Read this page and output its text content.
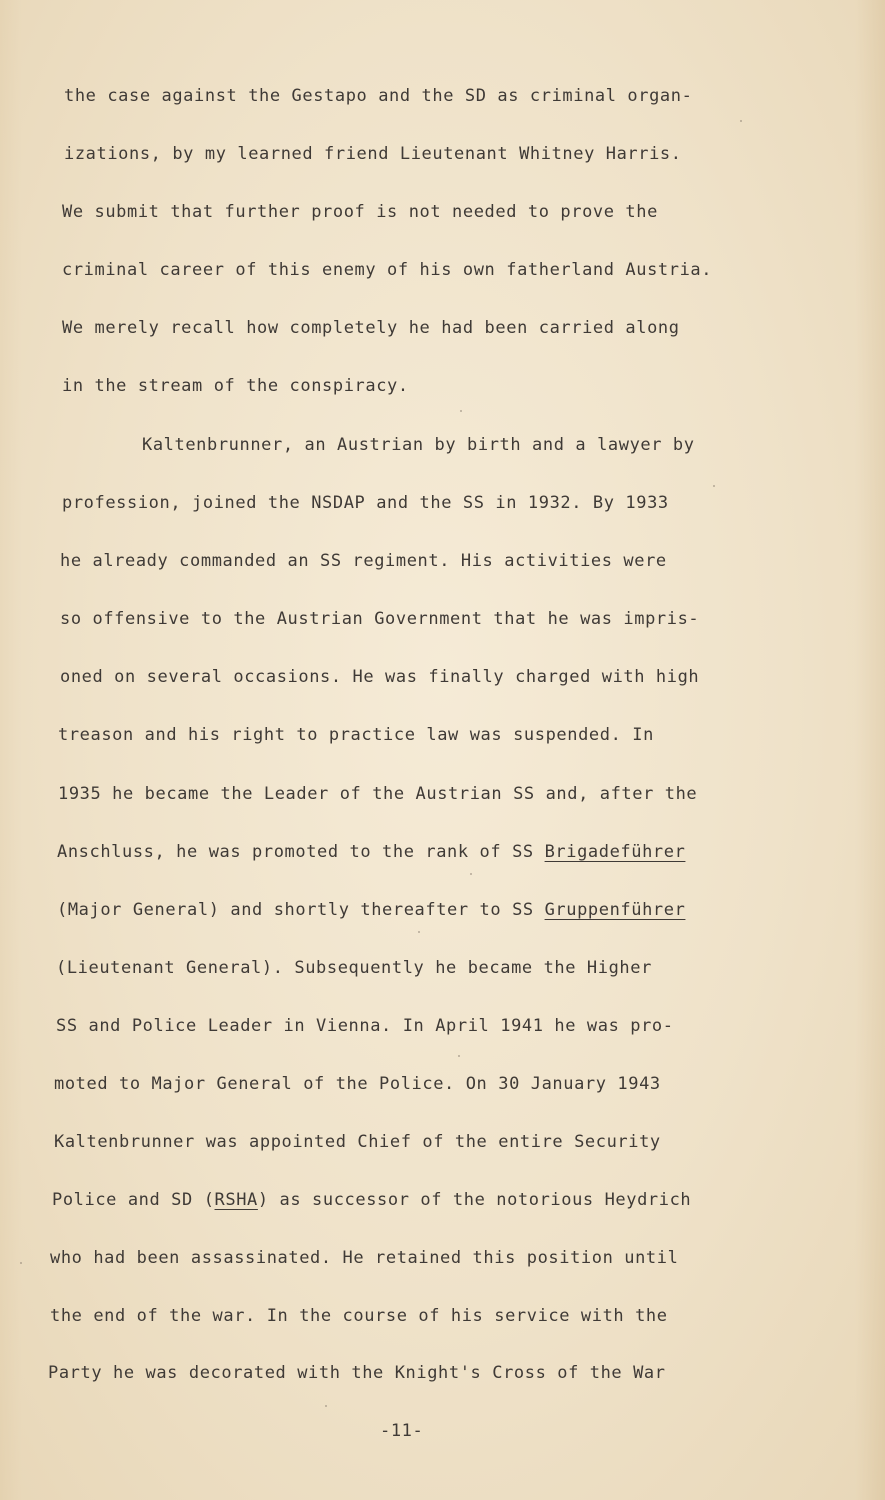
the case against the Gestapo and the SD as criminal organ-
izations, by my learned friend Lieutenant Whitney Harris.
We submit that further proof is not needed to prove the
criminal career of this enemy of his own fatherland Austria.
We merely recall how completely he had been carried along
in the stream of the conspiracy.
Kaltenbrunner, an Austrian by birth and a lawyer by
profession, joined the NSDAP and the SS in 1932. By 1933
he already commanded an SS regiment. His activities were
so offensive to the Austrian Government that he was impris-
oned on several occasions. He was finally charged with high
treason and his right to practice law was suspended. In
1935 he became the Leader of the Austrian SS and, after the
Anschluss, he was promoted to the rank of SS Brigadeführer
(Major General) and shortly thereafter to SS Gruppenführer
(Lieutenant General). Subsequently he became the Higher
SS and Police Leader in Vienna. In April 1941 he was pro-
moted to Major General of the Police. On 30 January 1943
Kaltenbrunner was appointed Chief of the entire Security
Police and SD (RSHA) as successor of the notorious Heydrich
who had been assassinated. He retained this position until
the end of the war. In the course of his service with the
Party he was decorated with the Knight's Cross of the War
-11-
